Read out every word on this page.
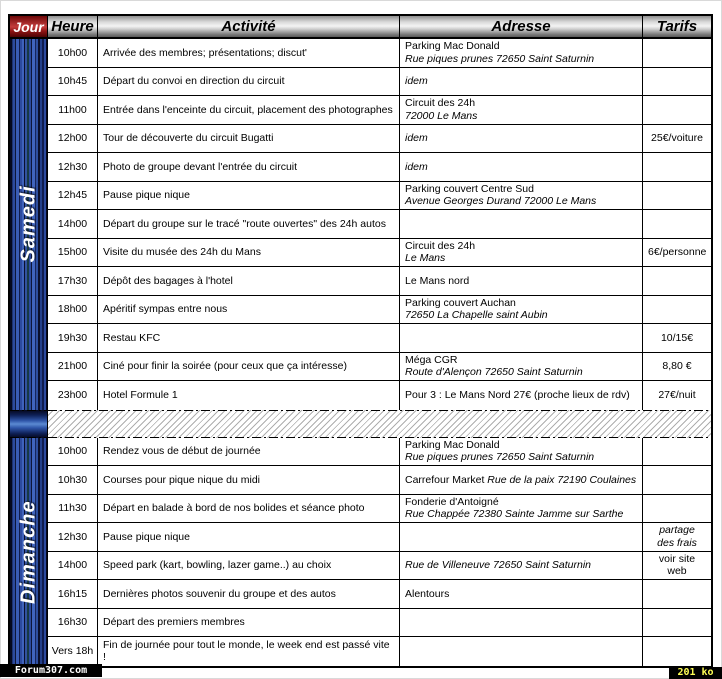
Jour	Heure	Activité	Adresse	Tarifs

Samedi	10h00	Arrivée des membres; présentations; discut'	Parking Mac Donald
Rue piques prunes 72650 Saint Saturnin	

	10h45	Départ du convoi en direction du circuit	idem	

	11h00	Entrée dans l'enceinte du circuit, placement des photographes	Circuit des 24h
72000 Le Mans	

	12h00	Tour de découverte du circuit Bugatti	idem	25€/voiture

	12h30	Photo de groupe devant l'entrée du circuit	idem	

	12h45	Pause pique nique	Parking couvert Centre Sud
Avenue Georges Durand 72000 Le Mans	

	14h00	Départ du groupe sur le tracé "route ouvertes" des 24h autos		
	15h00	Visite du musée des 24h du Mans	Circuit des 24h
Le Mans	6€/personne

	17h30	Dépôt des bagages à l'hotel	Le Mans nord	

	18h00	Apéritif sympas entre nous	Parking couvert Auchan
72650 La Chapelle saint Aubin	

	19h30	Restau KFC		10/15€

	21h00	Ciné pour finir la soirée (pour ceux que ça intéresse)	Méga CGR
Route d'Alençon 72650 Saint Saturnin	8,80 €

	23h00	Hotel Formule 1	Pour 3 : Le Mans Nord 27€ (proche lieux de rdv)	27€/nuit

Dimanche	10h00	Rendez vous de début de journée	Parking Mac Donald
Rue piques prunes 72650 Saint Saturnin	

	10h30	Courses pour pique nique du midi	Carrefour Market Rue de la paix 72190 Coulaines	

	11h30	Départ en balade à bord de nos bolides et séance photo	Fonderie d'Antoigné
Rue Chappée 72380 Sainte Jamme sur Sarthe	

	12h30	Pause pique nique		partage
des frais

	14h00	Speed park (kart, bowling, lazer game..) au choix	Rue de Villeneuve 72650 Saint Saturnin	voir site web

	16h15	Dernières photos souvenir du groupe et des autos	Alentours	

	16h30	Départ des premiers membres		
	Vers 18h	Fin de journée pour tout le monde, le week end est passé vite !		
Forum307.com	201 ko
